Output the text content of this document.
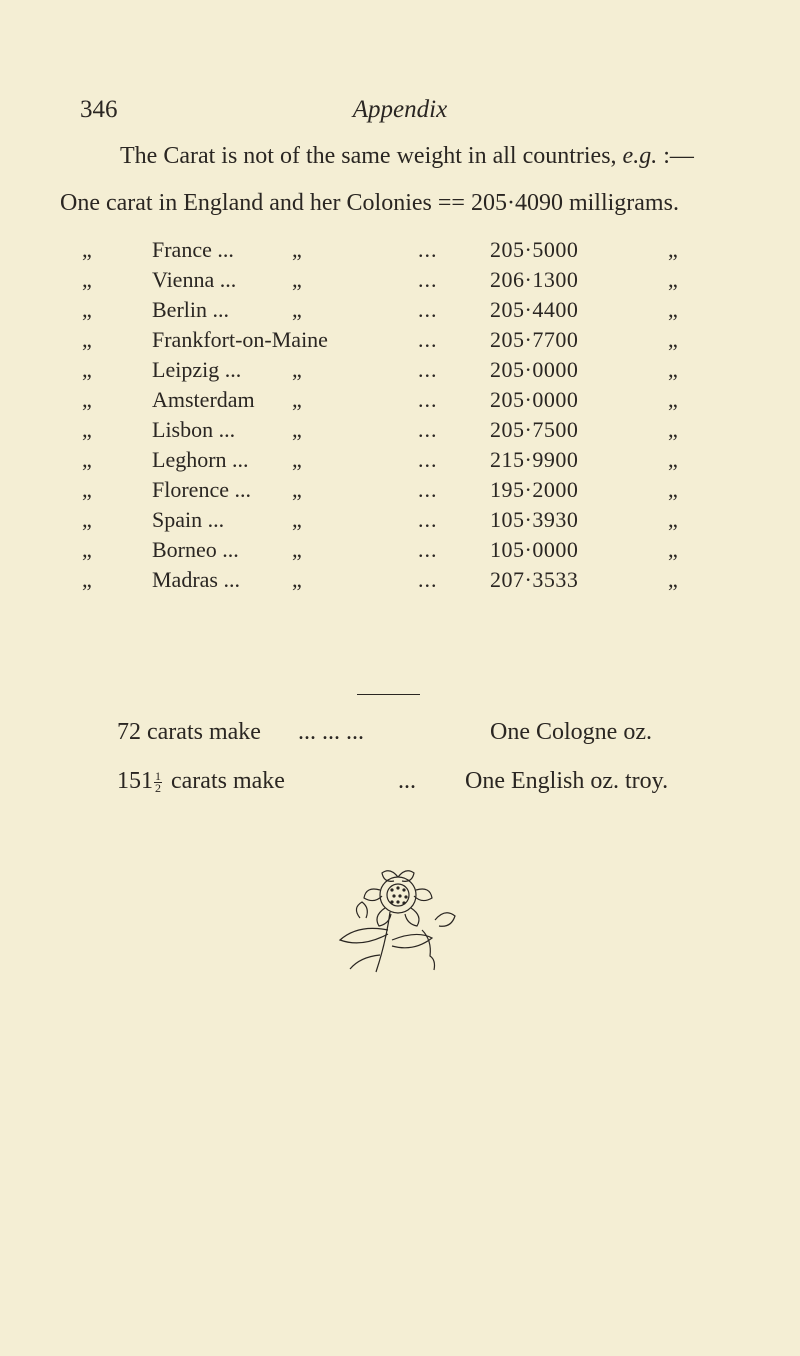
346	Appendix
The Carat is not of the same weight in all countries, e.g. :—
One carat in England and her Colonies == 205·4090 milligrams.
„	France ...	„	... 205·5000	„
„	Vienna ...	„	... 206·1300	„
„	Berlin ...	„	... 205·4400	„
„	Frankfort-on-Maine	... 205·7700	„
„	Leipzig ... „	... 205·0000	„
„	Amsterdam „	... 205·0000	„
„	Lisbon ...	„	... 205·7500	„
„	Leghorn ... „	... 215·9900	„
„	Florence ... „	... 195·2000	„
„	Spain ...	„	... 105·3930	„
„	Borneo ... „	... 105·0000	„
„	Madras ... „	... 207·3533	„
72 carats make ... ... ...	One Cologne oz.
$151 \frac{1}{2}$ carats make	... One English oz. troy.
